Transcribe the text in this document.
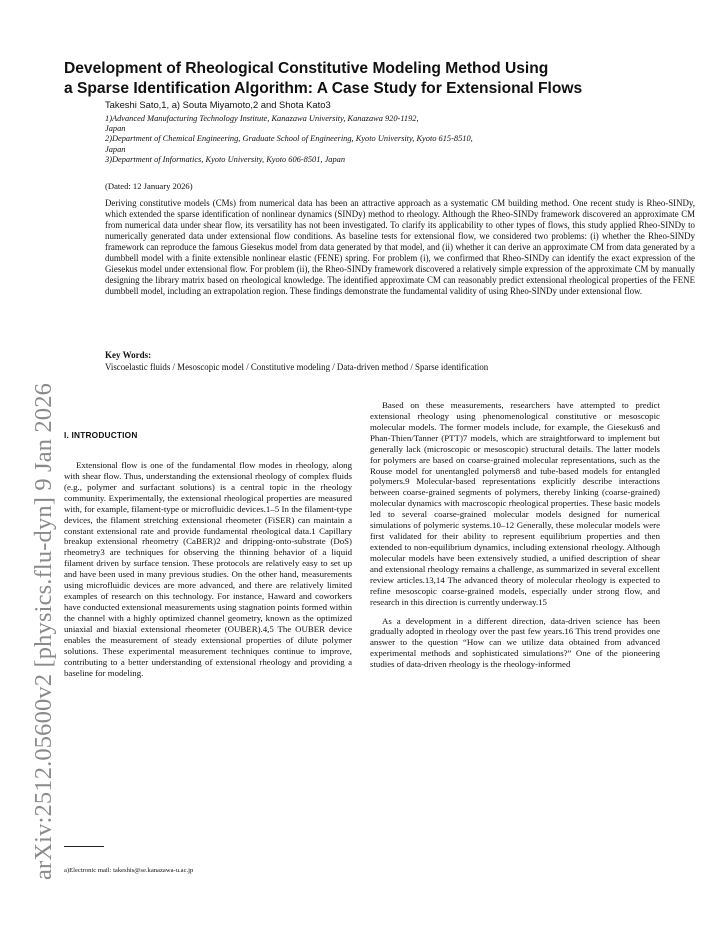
arXiv:2512.05600v2 [physics.flu-dyn] 9 Jan 2026
Development of Rheological Constitutive Modeling Method Using
a Sparse Identification Algorithm: A Case Study for Extensional Flows
Takeshi Sato,1, a) Souta Miyamoto,2 and Shota Kato3
1)Advanced Manufacturing Technology Institute, Kanazawa University, Kanazawa 920-1192,
Japan
2)Department of Chemical Engineering, Graduate School of Engineering, Kyoto University, Kyoto 615-8510,
Japan
3)Department of Informatics, Kyoto University, Kyoto 606-8501, Japan
(Dated: 12 January 2026)

Deriving constitutive models (CMs) from numerical data has been an attractive approach as a systematic CM building method. One recent study is Rheo-SINDy, which extended the sparse identification of nonlinear dynamics (SINDy) method to rheology. Although the Rheo-SINDy framework discovered an approximate CM from numerical data under shear flow, its versatility has not been investigated. To clarify its applicability to other types of flows, this study applied Rheo-SINDy to numerically generated data under extensional flow conditions. As baseline tests for extensional flow, we considered two problems: (i) whether the Rheo-SINDy framework can reproduce the famous Giesekus model from data generated by that model, and (ii) whether it can derive an approximate CM from data generated by a dumbbell model with a finite extensible nonlinear elastic (FENE) spring. For problem (i), we confirmed that Rheo-SINDy can identify the exact expression of the Giesekus model under extensional flow. For problem (ii), the Rheo-SINDy framework discovered a relatively simple expression of the approximate CM by manually designing the library matrix based on rheological knowledge. The identified approximate CM can reasonably predict extensional rheological properties of the FENE dumbbell model, including an extrapolation region. These findings demonstrate the fundamental validity of using Rheo-SINDy under extensional flow.

Key Words:
Viscoelastic fluids / Mesoscopic model / Constitutive modeling / Data-driven method / Sparse identification
I. INTRODUCTION

Extensional flow is one of the fundamental flow modes in rheology, along with shear flow. Thus, understanding the extensional rheology of complex fluids (e.g., polymer and surfactant solutions) is a central topic in the rheology community. Experimentally, the extensional rheological properties are measured with, for example, filament-type or microfluidic devices.1–5 In the filament-type devices, the filament stretching extensional rheometer (FiSER) can maintain a constant extensional rate and provide fundamental rheological data.1 Capillary breakup extensional rheometry (CaBER)2 and dripping-onto-substrate (DoS) rheometry3 are techniques for observing the thinning behavior of a liquid filament driven by surface tension. These protocols are relatively easy to set up and have been used in many previous studies. On the other hand, measurements using microfluidic devices are more advanced, and there are relatively limited examples of research on this technology. For instance, Haward and coworkers have conducted extensional measurements using stagnation points formed within the channel with a highly optimized channel geometry, known as the optimized uniaxial and biaxial extensional rheometer (OUBER).4,5 The OUBER device enables the measurement of steady extensional properties of dilute polymer solutions. These experimental measurement techniques continue to improve, contributing to a better understanding of extensional rheology and providing a baseline for modeling.

Based on these measurements, researchers have attempted to predict extensional rheology using phenomenological constitutive or mesoscopic molecular models. The former models include, for example, the Giesekus6 and Phan-Thien/Tanner (PTT)7 models, which are straightforward to implement but generally lack (microscopic or mesoscopic) structural details. The latter models for polymers are based on coarse-grained molecular representations, such as the Rouse model for unentangled polymers8 and tube-based models for entangled polymers.9 Molecular-based representations explicitly describe interactions between coarse-grained segments of polymers, thereby linking (coarse-grained) molecular dynamics with macroscopic rheological properties. These basic models led to several coarse-grained molecular models designed for numerical simulations of polymeric systems.10–12 Generally, these molecular models were first validated for their ability to represent equilibrium properties and then extended to non-equilibrium dynamics, including extensional rheology. Although molecular models have been extensively studied, a unified description of shear and extensional rheology remains a challenge, as summarized in several excellent review articles.13,14 The advanced theory of molecular rheology is expected to refine mesoscopic coarse-grained models, especially under strong flow, and research in this direction is currently underway.15

As a development in a different direction, data-driven science has been gradually adopted in rheology over the past few years.16 This trend provides one answer to the question “How can we utilize data obtained from advanced experimental methods and sophisticated simulations?” One of the pioneering studies of data-driven rheology is the rheology-informed

a)Electronic mail: takeshis@se.kanazawa-u.ac.jp
